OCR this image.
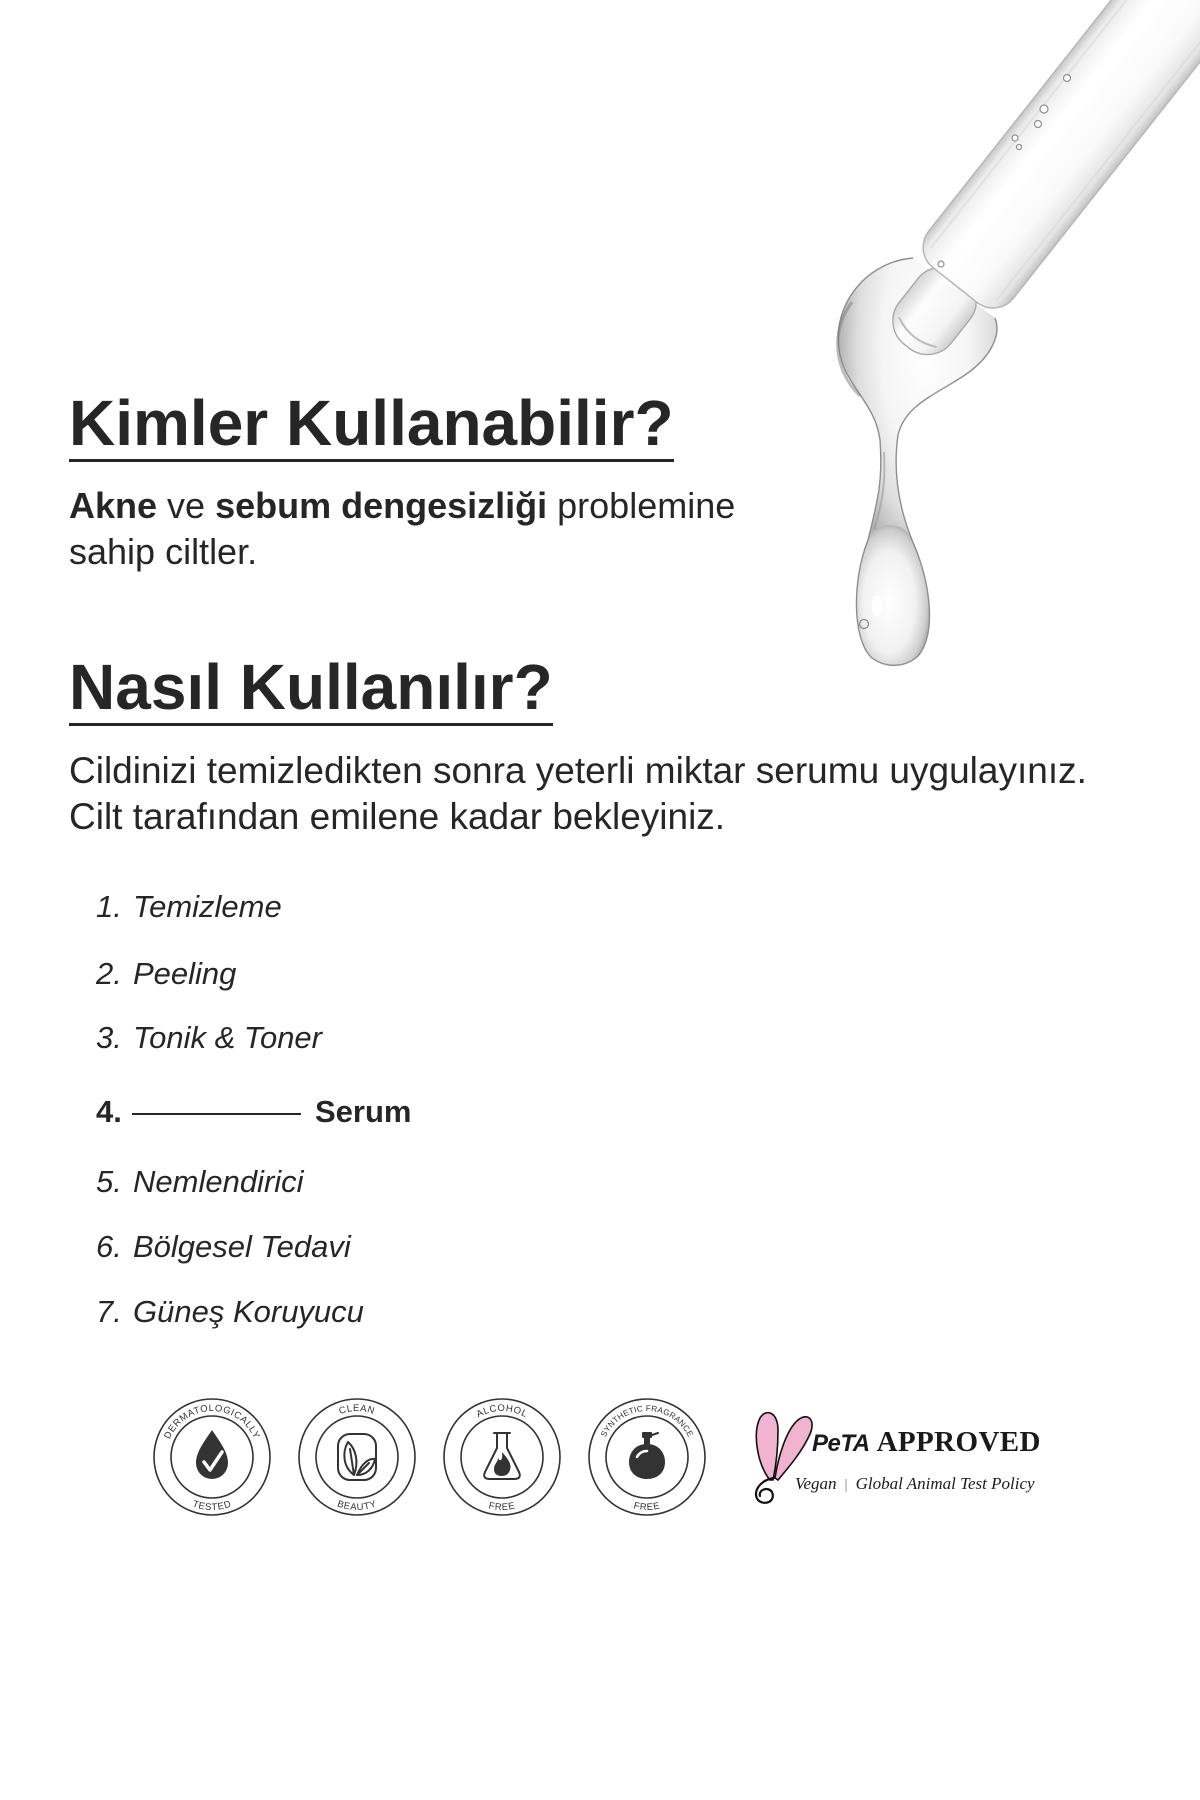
Kimler Kullanabilir?

Akne ve sebum dengesizliği problemine
sahip ciltler.

Nasıl Kullanılır?

Cildinizi temizledikten sonra yeterli miktar serumu uygulayınız.
Cilt tarafından emilene kadar bekleyiniz.

1. Temizleme
2. Peeling
3. Tonik & Toner
4.	Serum
5. Nemlendirici
6. Bölgesel Tedavi
7. Güneş Koruyucu
DERMATOLOGICALLY
TESTED
CLEAN
BEAUTY
ALCOHOL
FREE
SYNTHETIC FRAGRANCE
FREE
PeTA APPROVED
Vegan | Global Animal Test Policy
